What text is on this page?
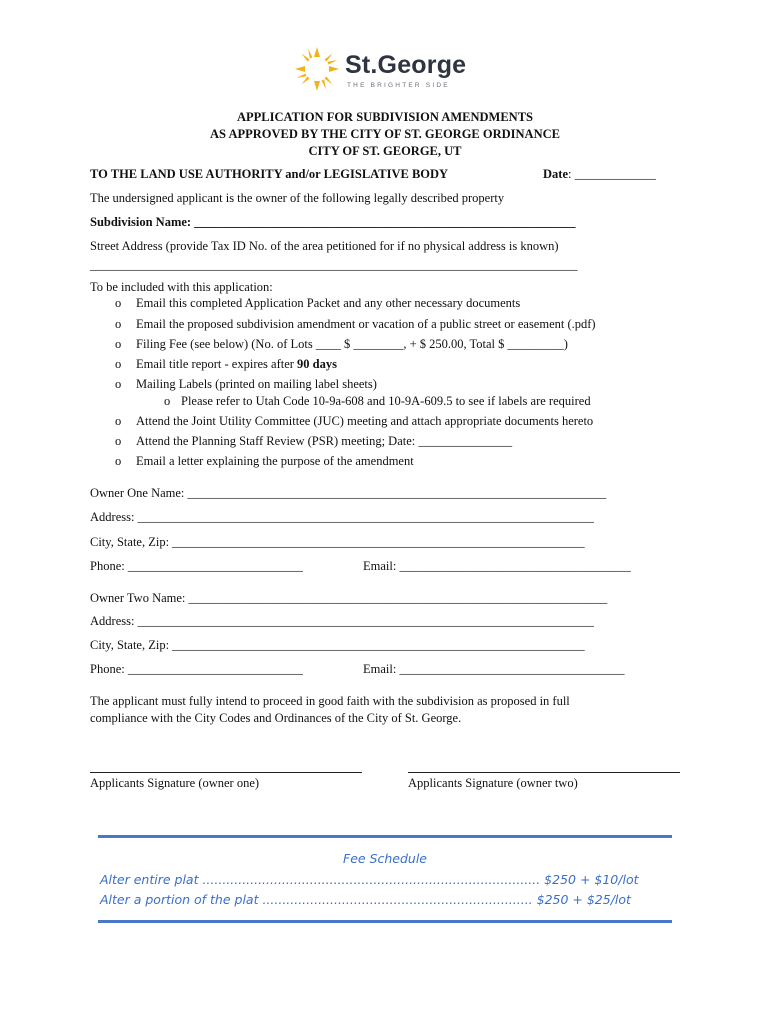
St.George
THE BRIGHTER SIDE
APPLICATION FOR SUBDIVISION AMENDMENTS
AS APPROVED BY THE CITY OF ST. GEORGE ORDINANCE
CITY OF ST. GEORGE, UT
TO THE LAND USE AUTHORITY and/or LEGISLATIVE BODY	Date: _____________
The undersigned applicant is the owner of the following legally described property
Subdivision Name: _____________________________________________________________
Street Address (provide Tax ID No. of the area petitioned for if no physical address is known)
______________________________________________________________________________
To be included with this application:
o Email this completed Application Packet and any other necessary documents
o Email the proposed subdivision amendment or vacation of a public street or easement (.pdf)
o Filing Fee (see below) (No. of Lots ____ $ ________, + $ 250.00, Total $ _________)
o Email title report - expires after 90 days
o Mailing Labels (printed on mailing label sheets)
o Please refer to Utah Code 10-9a-608 and 10-9A-609.5 to see if labels are required
o Attend the Joint Utility Committee (JUC) meeting and attach appropriate documents hereto
o Attend the Planning Staff Review (PSR) meeting; Date: _______________
o Email a letter explaining the purpose of the amendment
Owner One Name: ___________________________________________________________________
Address: _________________________________________________________________________
City, State, Zip: __________________________________________________________________
Phone: ____________________________	Email: _____________________________________
Owner Two Name: ___________________________________________________________________
Address: _________________________________________________________________________
City, State, Zip: __________________________________________________________________
Phone: ____________________________	Email: ____________________________________
The applicant must fully intend to proceed in good faith with the subdivision as proposed in full
compliance with the City Codes and Ordinances of the City of St. George.
Applicants Signature (owner one)	Applicants Signature (owner two)
Fee Schedule
Alter entire plat ..................................................................................... $250 + $10/lot
Alter a portion of the plat .................................................................... $250 + $25/lot
